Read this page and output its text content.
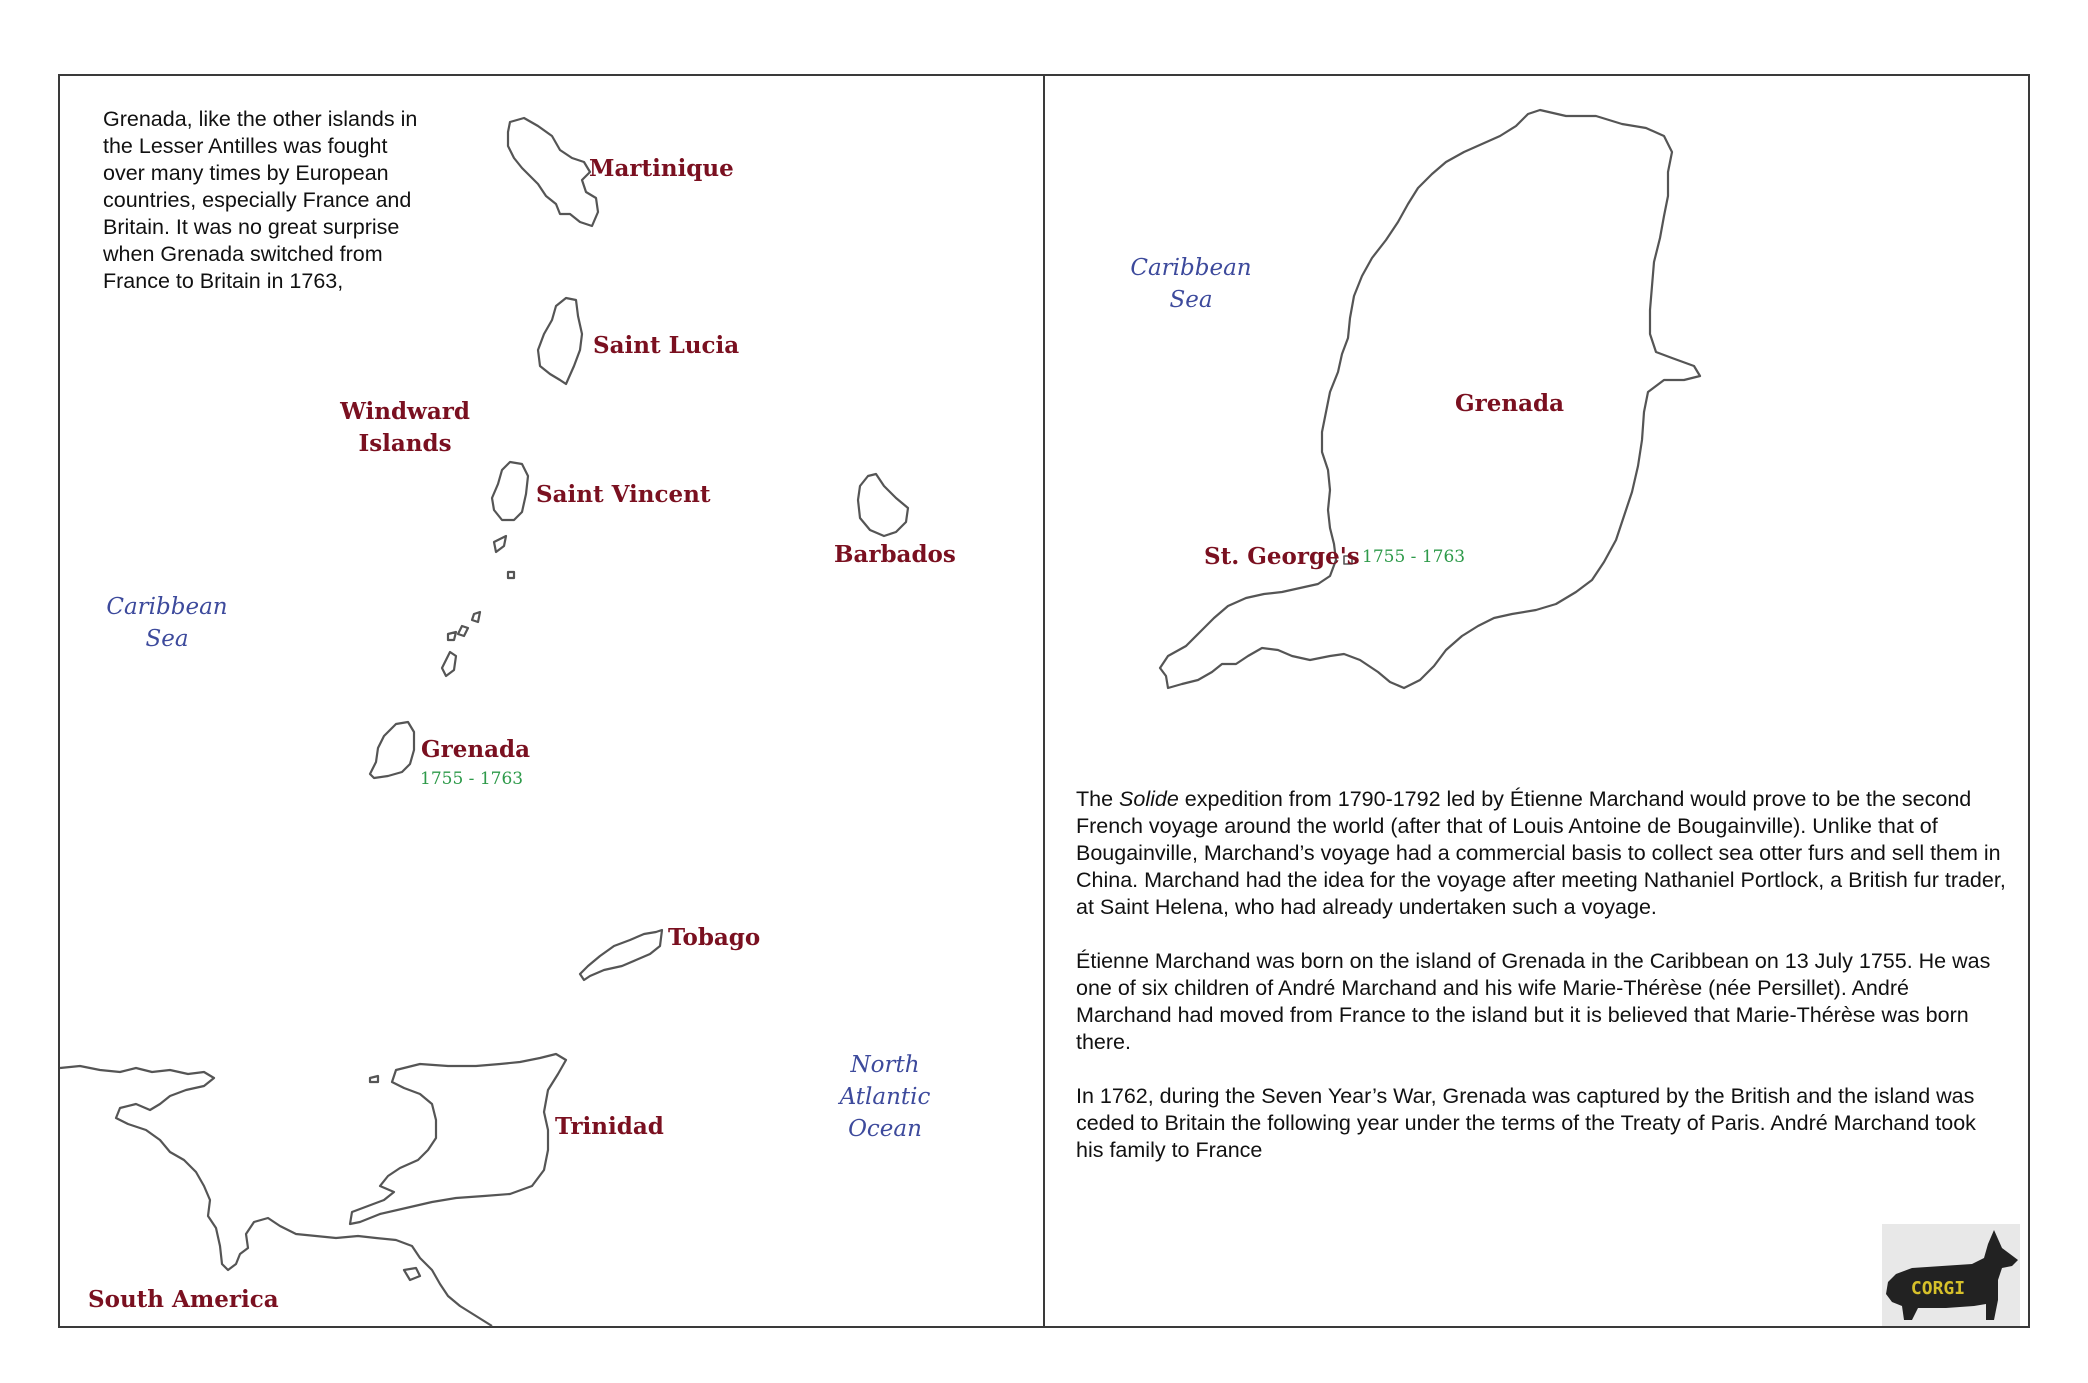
Grenada, like the other islands in the Lesser Antilles was fought over many times by European countries, especially France and Britain. It was no great surprise when Grenada switched from France to Britain in 1763,
Martinique
Saint Lucia
Windward
Islands
Saint Vincent
Barbados
Caribbean
Sea
Grenada
1755 - 1763
Tobago
North
Atlantic
Ocean
Trinidad
South America
Caribbean
Sea
Grenada
St. George's 1755 - 1763

The Solide expedition from 1790-1792 led by Étienne Marchand would prove to be the second French voyage around the world (after that of Louis Antoine de Bougainville). Unlike that of Bougainville, Marchand’s voyage had a commercial basis to collect sea otter furs and sell them in China. Marchand had the idea for the voyage after meeting Nathaniel Portlock, a British fur trader, at Saint Helena, who had already undertaken such a voyage.

Étienne Marchand was born on the island of Grenada in the Caribbean on 13 July 1755. He was one of six children of André Marchand and his wife Marie-Thérèse (née Persillet). André Marchand had moved from France to the island but it is believed that Marie-Thérèse was born there.

In 1762, during the Seven Year’s War, Grenada was captured by the British and the island was ceded to Britain the following year under the terms of the Treaty of Paris. André Marchand took his family to France

CORGI
